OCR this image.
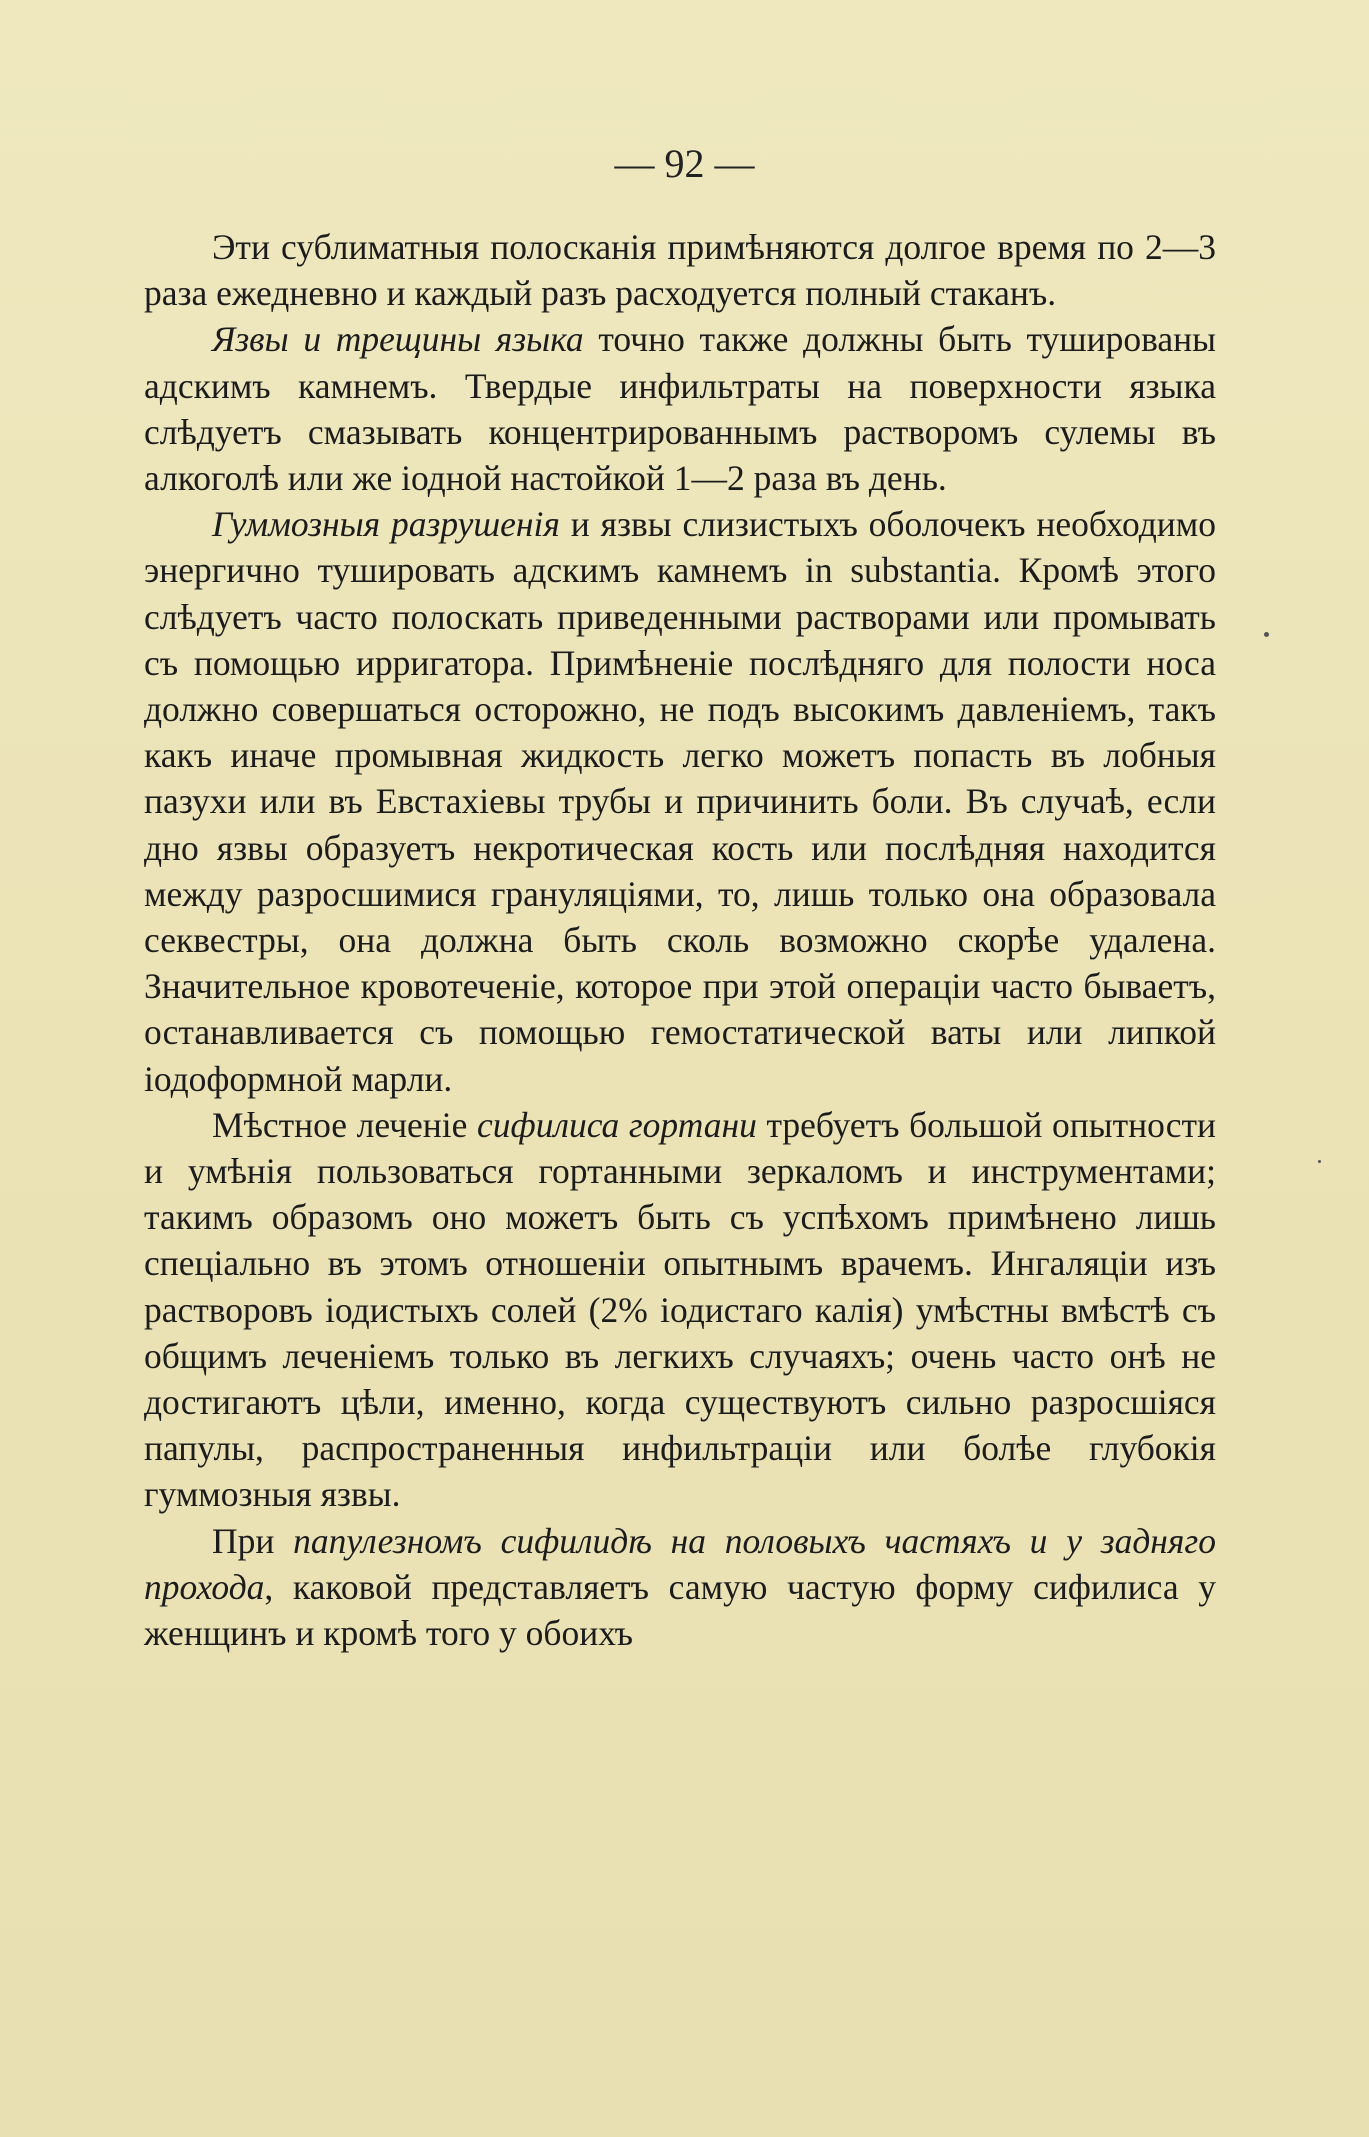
— 92 —

Эти сублиматныя полосканія примѣняются долгое время по 2—3 раза ежедневно и каждый разъ расходуется полный стаканъ.

Язвы и трещины языка точно также должны быть тушированы адскимъ камнемъ. Твердые инфильтраты на поверхности языка слѣдуетъ смазывать концентрированнымъ растворомъ сулемы въ алкоголѣ или же іодной настойкой 1—2 раза въ день.

Гуммозныя разрушенія и язвы слизистыхъ оболочекъ необходимо энергично тушировать адскимъ камнемъ in substantia. Кромѣ этого слѣдуетъ часто полоскать приведенными растворами или промывать съ помощью ирригатора. Примѣненіе послѣдняго для полости носа должно совершаться осторожно, не подъ высокимъ давленіемъ, такъ какъ иначе промывная жидкость легко можетъ попасть въ лобныя пазухи или въ Евстахіевы трубы и причинить боли. Въ случаѣ, если дно язвы образуетъ некротическая кость или послѣдняя находится между разросшимися грануляціями, то, лишь только она образовала секвестры, она должна быть сколь возможно скорѣе удалена. Значительное кровотеченіе, которое при этой операціи часто бываетъ, останавливается съ помощью гемостатической ваты или липкой іодоформной марли.

Мѣстное леченіе сифилиса гортани требуетъ большой опытности и умѣнія пользоваться гортанными зеркаломъ и инструментами; такимъ образомъ оно можетъ быть съ успѣхомъ примѣнено лишь спеціально въ этомъ отношеніи опытнымъ врачемъ. Ингаляціи изъ растворовъ іодистыхъ солей (2% іодистаго калія) умѣстны вмѣстѣ съ общимъ леченіемъ только въ легкихъ случаяхъ; очень часто онѣ не достигаютъ цѣли, именно, когда существуютъ сильно разросшіяся папулы, распространенныя инфильтраціи или болѣе глубокія гуммозныя язвы.

При папулезномъ сифилидѣ на половыхъ частяхъ и у задняго прохода, каковой представляетъ самую частую форму сифилиса у женщинъ и кромѣ того у обоихъ
